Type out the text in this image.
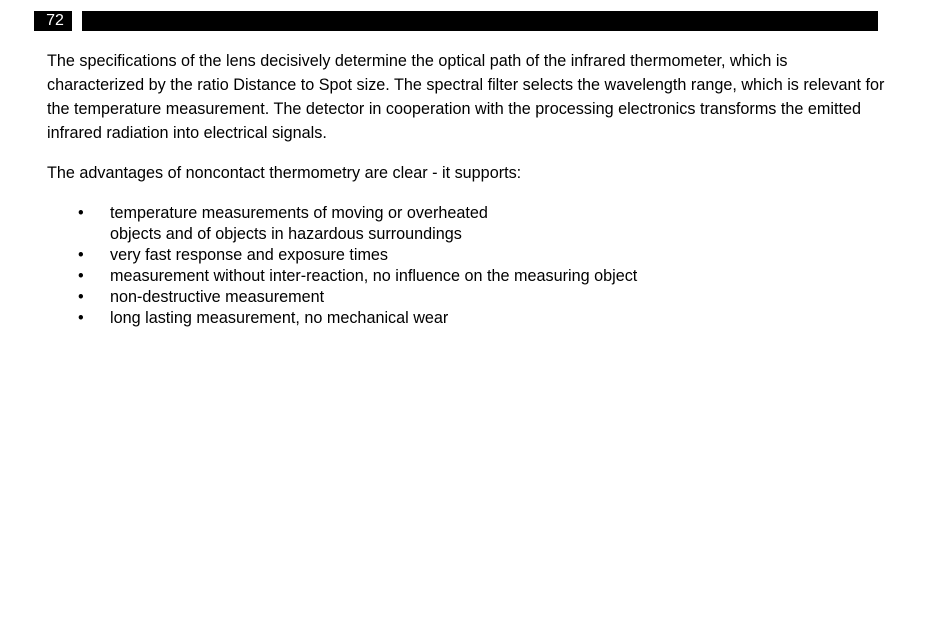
72

The specifications of the lens decisively determine the optical path of the infrared thermometer, which is characterized by the ratio Distance to Spot size. The spectral filter selects the wavelength range, which is relevant for the temperature measurement. The detector in cooperation with the processing electronics transforms the emitted infrared radiation into electrical signals.

The advantages of noncontact thermometry are clear - it supports:

• temperature measurements of moving or overheated
objects and of objects in hazardous surroundings
• very fast response and exposure times
• measurement without inter-reaction, no influence on the measuring object
• non-destructive measurement
• long lasting measurement, no mechanical wear
